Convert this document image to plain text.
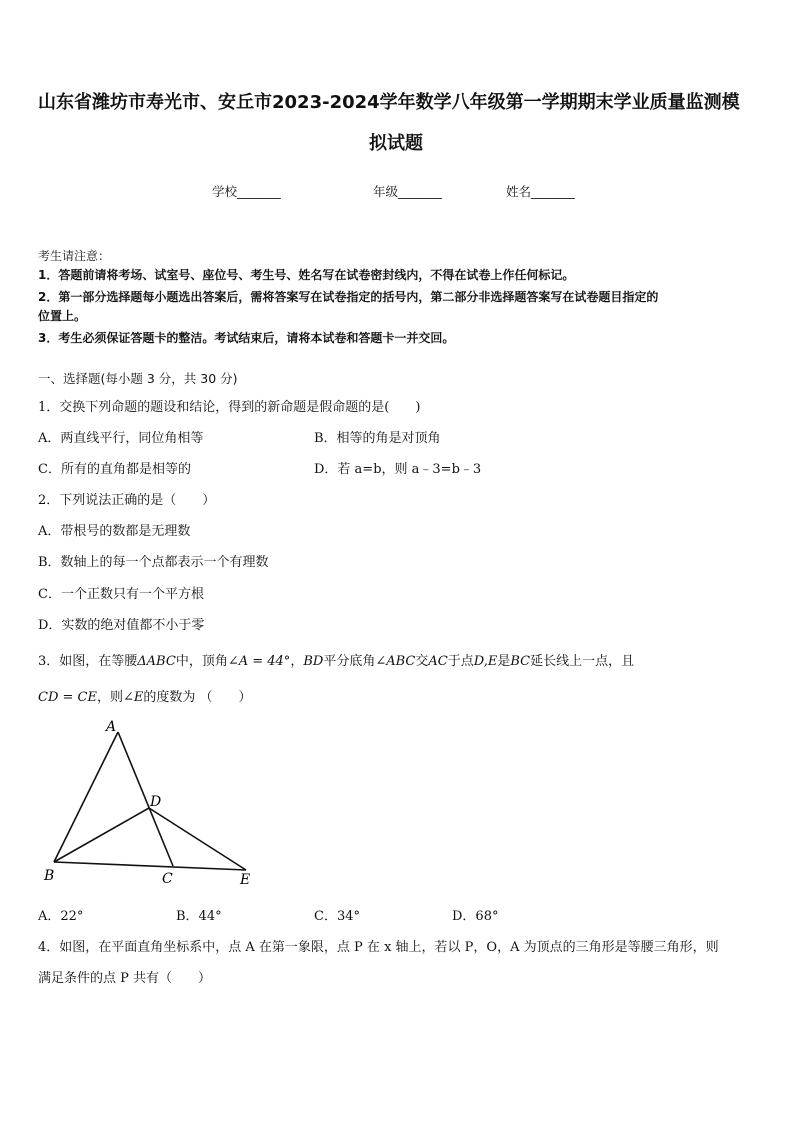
山东省潍坊市寿光市、安丘市2023-2024学年数学八年级第一学期期末学业质量监测模
拟试题
学校_______	年级_______	姓名_______
考生请注意：
1．答题前请将考场、试室号、座位号、考生号、姓名写在试卷密封线内，不得在试卷上作任何标记。
2．第一部分选择题每小题选出答案后，需将答案写在试卷指定的括号内，第二部分非选择题答案写在试卷题目指定的
位置上。
3．考生必须保证答题卡的整洁。考试结束后，请将本试卷和答题卡一并交回。
一、选择题(每小题 3 分，共 30 分)
1．交换下列命题的题设和结论，得到的新命题是假命题的是(　　)
A．两直线平行，同位角相等	B．相等的角是对顶角
C．所有的直角都是相等的	D．若 a=b，则 a﹣3=b﹣3
2．下列说法正确的是（　　）
A．带根号的数都是无理数
B．数轴上的每一个点都表示一个有理数
C．一个正数只有一个平方根
D．实数的绝对值都不小于零
3．如图，在等腰ΔABC中，顶角∠A = 44°，BD平分底角∠ABC交AC于点D,E是BC延长线上一点，且
CD = CE，则∠E的度数为 （　　）
A
B	C
D
E
A．22°	B．44°	C．34°	D．68°
4．如图，在平面直角坐标系中，点 A 在第一象限，点 P 在 x 轴上，若以 P，O，A 为顶点的三角形是等腰三角形，则
满足条件的点 P 共有（　　）
